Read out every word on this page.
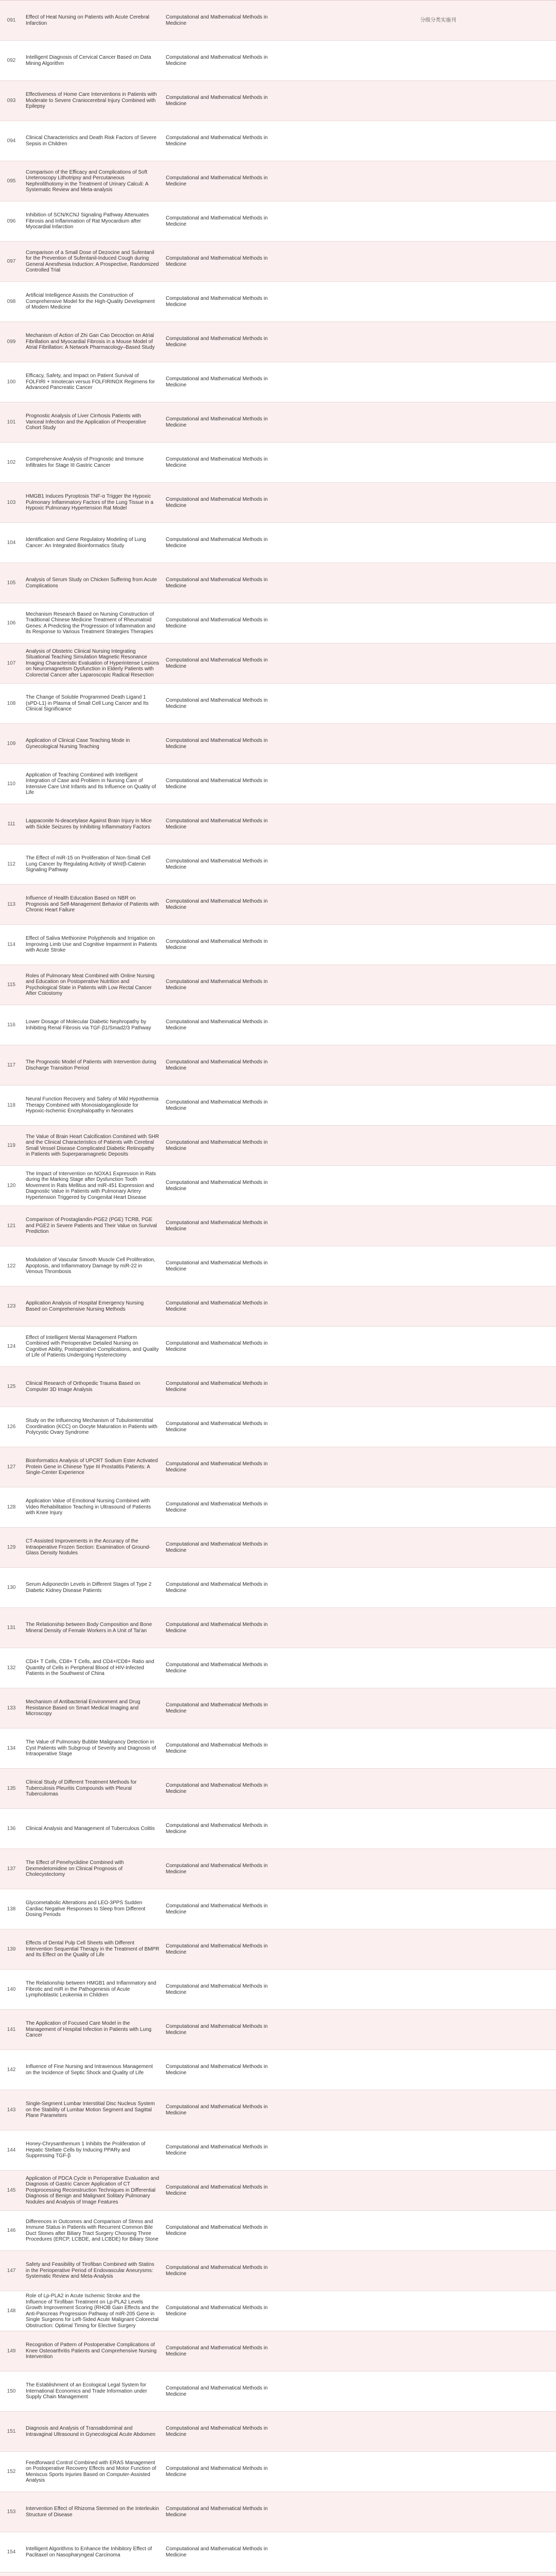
091
Effect of Heat Nursing on Patients with Acute Cerebral Infarction
Computational and Mathematical Methods in Medicine
分级分类实施刊
092
Intelligent Diagnosis of Cervical Cancer Based on Data Mining Algorithm
Computational and Mathematical Methods in Medicine
093
Effectiveness of Home Care Interventions in Patients with Moderate to Severe Craniocerebral Injury Combined with Epilepsy
Computational and Mathematical Methods in Medicine
094
Clinical Characteristics and Death Risk Factors of Severe Sepsis in Children
Computational and Mathematical Methods in Medicine
095
Comparison of the Efficacy and Complications of Soft Ureteroscopy Lithotripsy and Percutaneous Nephrolithotomy in the Treatment of Urinary Calculi: A Systematic Review and Meta-analysis
Computational and Mathematical Methods in Medicine
096
Inhibition of SCN/KCNJ Signaling Pathway Attenuates Fibrosis and Inflammation of Rat Myocardium after Myocardial Infarction
Computational and Mathematical Methods in Medicine
097
Comparison of a Small Dose of Dezocine and Sufentanil for the Prevention of Sufentanil-Induced Cough during General Anesthesia Induction: A Prospective, Randomized Controlled Trial
Computational and Mathematical Methods in Medicine
098
Artificial Intelligence Assists the Construction of Comprehensive Model for the High-Quality Development of Modern Medicine
Computational and Mathematical Methods in Medicine
099
Mechanism of Action of Zhi Gan Cao Decoction on Atrial Fibrillation and Myocardial Fibrosis in a Mouse Model of Atrial Fibrillation: A Network Pharmacology–Based Study
Computational and Mathematical Methods in Medicine
100
Efficacy, Safety, and Impact on Patient Survival of FOLFIRI + Irinotecan versus FOLFIRINOX Regimens for Advanced Pancreatic Cancer
Computational and Mathematical Methods in Medicine
101
Prognostic Analysis of Liver Cirrhosis Patients with Variceal Infection and the Application of Preoperative Cohort Study
Computational and Mathematical Methods in Medicine
102
Comprehensive Analysis of Prognostic and Immune Infiltrates for Stage III Gastric Cancer
Computational and Mathematical Methods in Medicine
103
HMGB1 Induces Pyroptosis TNF-α Trigger the Hypoxic Pulmonary Inflammatory Factors of the Lung Tissue in a Hypoxic Pulmonary Hypertension Rat Model
Computational and Mathematical Methods in Medicine
104
Identification and Gene Regulatory Modeling of Lung Cancer: An Integrated Bioinformatics Study
Computational and Mathematical Methods in Medicine
105
Analysis of Serum Study on Chicken Suffering from Acute Complications
Computational and Mathematical Methods in Medicine
106
Mechanism Research Based on Nursing Construction of Traditional Chinese Medicine Treatment of Rheumatoid Genes: A Predicting the Progression of Inflammation and its Response to Various Treatment Strategies Therapies
Computational and Mathematical Methods in Medicine
107
Analysis of Obstetric Clinical Nursing Integrating Situational Teaching Simulation Magnetic Resonance Imaging Characteristic Evaluation of Hyperintense Lesions on Neuromagnetism Dysfunction in Elderly Patients with Colorectal Cancer after Laparoscopic Radical Resection
Computational and Mathematical Methods in Medicine
108
The Change of Soluble Programmed Death Ligand 1 (sPD-L1) in Plasma of Small Cell Lung Cancer and Its Clinical Significance
Computational and Mathematical Methods in Medicine
109
Application of Clinical Case Teaching Mode in Gynecological Nursing Teaching
Computational and Mathematical Methods in Medicine
110
Application of Teaching Combined with Intelligent Integration of Case and Problem in Nursing Care of Intensive Care Unit Infants and Its Influence on Quality of Life
Computational and Mathematical Methods in Medicine
111
Lappaconite N-deacetylase Against Brain Injury in Mice with Sickle Seizures by Inhibiting Inflammatory Factors
Computational and Mathematical Methods in Medicine
112
The Effect of miR-15 on Proliferation of Non-Small Cell Lung Cancer by Regulating Activity of Wnt/β-Catenin Signaling Pathway
Computational and Mathematical Methods in Medicine
113
Influence of Health Education Based on NBR on Prognosis and Self-Management Behavior of Patients with Chronic Heart Failure
Computational and Mathematical Methods in Medicine
114
Effect of Saliva Methionine Polyphenols and Irrigation on Improving Limb Use and Cognitive Impairment in Patients with Acute Stroke
Computational and Mathematical Methods in Medicine
115
Roles of Pulmonary Meat Combined with Online Nursing and Education on Postoperative Nutrition and Psychological State in Patients with Low Rectal Cancer After Colostomy
Computational and Mathematical Methods in Medicine
116
Lower Dosage of Molecular Diabetic Nephropathy by Inhibiting Renal Fibrosis via TGF-β1/Smad2/3 Pathway
Computational and Mathematical Methods in Medicine
117
The Prognostic Model of Patients with Intervention during Discharge Transition Period
Computational and Mathematical Methods in Medicine
118
Neural Function Recovery and Safety of Mild Hypothermia Therapy Combined with Monosialoganglioside for Hypoxic-Ischemic Encephalopathy in Neonates
Computational and Mathematical Methods in Medicine
119
The Value of Brain Heart Calcification Combined with SHR and the Clinical Characteristics of Patients with Cerebral Small Vessel Disease Complicated Diabetic Retinopathy in Patients with Superparamagnetic Deposits
Computational and Mathematical Methods in Medicine
120
The Impact of Intervention on NOXA1 Expression in Rats during the Marking Stage after Dysfunction Tooth Movement in Rats Mellitus and miR-451 Expression and Diagnostic Value in Patients with Pulmonary Artery Hypertension Triggered by Congenital Heart Disease
Computational and Mathematical Methods in Medicine
121
Comparison of Prostaglandin-PGE2 (PGE) TCRB, PGE and PGE2 in Severe Patients and Their Value on Survival Prediction
Computational and Mathematical Methods in Medicine
122
Modulation of Vascular Smooth Muscle Cell Proliferation, Apoptosis, and Inflammatory Damage by miR-22 in Venous Thrombosis
Computational and Mathematical Methods in Medicine
123
Application Analysis of Hospital Emergency Nursing Based on Comprehensive Nursing Methods
Computational and Mathematical Methods in Medicine
124
Effect of Intelligent Mental Management Platform Combined with Perioperative Detailed Nursing on Cognitive Ability, Postoperative Complications, and Quality of Life of Patients Undergoing Hysterectomy
Computational and Mathematical Methods in Medicine
125
Clinical Research of Orthopedic Trauma Based on Computer 3D Image Analysis
Computational and Mathematical Methods in Medicine
126
Study on the Influencing Mechanism of Tubulointerstitial Coordination (KCC) on Oocyte Maturation in Patients with Polycystic Ovary Syndrome
Computational and Mathematical Methods in Medicine
127
Bioinformatics Analysis of UPCRT Sodium Ester Activated Protein Gene in Chinese Type III Prostatitis Patients: A Single-Center Experience
Computational and Mathematical Methods in Medicine
128
Application Value of Emotional Nursing Combined with Video Rehabilitation Teaching in Ultrasound of Patients with Knee Injury
Computational and Mathematical Methods in Medicine
129
CT-Assisted Improvements in the Accuracy of the Intraoperative Frozen Section: Examination of Ground-Glass Density Nodules
Computational and Mathematical Methods in Medicine
130
Serum Adiponectin Levels in Different Stages of Type 2 Diabetic Kidney Disease Patients
Computational and Mathematical Methods in Medicine
131
The Relationship between Body Composition and Bone Mineral Density of Female Workers in A Unit of Tai'an
Computational and Mathematical Methods in Medicine
132
CD4+ T Cells, CD8+ T Cells, and CD4+/CD8+ Ratio and Quantity of Cells in Peripheral Blood of HIV-Infected Patients in the Southwest of China
Computational and Mathematical Methods in Medicine
133
Mechanism of Antibacterial Environment and Drug Resistance Based on Smart Medical Imaging and Microscopy
Computational and Mathematical Methods in Medicine
134
The Value of Pulmonary Bubble Malignancy Detection in Cyst Patients with Subgroup of Severity and Diagnosis of Intraoperative Stage
Computational and Mathematical Methods in Medicine
135
Clinical Study of Different Treatment Methods for Tuberculosis Pleuritis Compounds with Pleural Tuberculomas
Computational and Mathematical Methods in Medicine
136	Clinical Analysis and Management of Tuberculous Colitis
Computational and Mathematical Methods in Medicine
137
The Effect of Penehyclidine Combined with Dexmedetomidine on Clinical Prognosis of Cholecystectomy
Computational and Mathematical Methods in Medicine
138
Glycometabolic Alterations and LEO-3PPS Sudden Cardiac Negative Responses to Sleep from Different Dosing Periods
Computational and Mathematical Methods in Medicine
139
Effects of Dental Pulp Cell Sheets with Different Intervention Sequential Therapy in the Treatment of BMPR and Its Effect on the Quality of Life
Computational and Mathematical Methods in Medicine
140
The Relationship between HMGB1 and Inflammatory and Fibrotic and miR in the Pathogenesis of Acute Lymphoblastic Leukemia in Children
Computational and Mathematical Methods in Medicine
141
The Application of Focused Care Model in the Management of Hospital Infection in Patients with Lung Cancer
Computational and Mathematical Methods in Medicine
142
Influence of Fine Nursing and Intravenous Management on the Incidence of Septic Shock and Quality of Life
Computational and Mathematical Methods in Medicine
143
Single-Segment Lumbar Interstitial Disc Nucleus System on the Stability of Lumbar Motion Segment and Sagittal Plane Parameters
Computational and Mathematical Methods in Medicine
144
Honey-Chrysanthemum 1 Inhibits the Proliferation of Hepatic Stellate Cells by Inducing PPARγ and Suppressing TGF-β
Computational and Mathematical Methods in Medicine
145
Application of PDCA Cycle in Perioperative Evaluation and Diagnosis of Gastric Cancer Application of CT Postprocessing Reconstruction Techniques in Differential Diagnosis of Benign and Malignant Solitary Pulmonary Nodules and Analysis of Image Features
Computational and Mathematical Methods in Medicine
146
Differences in Outcomes and Comparison of Stress and Immune Status in Patients with Recurrent Common Bile Duct Stones after Biliary Tract Surgery Choosing Three Procedures (ERCP, LCBDE, and LCBDE) for Biliary Stone
Computational and Mathematical Methods in Medicine
147
Safety and Feasibility of Tirofiban Combined with Statins in the Perioperative Period of Endovascular Aneurysms: Systematic Review and Meta-Analysis
Computational and Mathematical Methods in Medicine
148
Role of Lp-PLA2 in Acute Ischemic Stroke and the Influence of Tirofiban Treatment on Lp-PLA2 Levels Growth Improvement Scoring (RHOB Gain Effects and the Anti-Pancreas Progression Pathway of mIR-205 Gene in Single Surgeons for Left-Sided Acute Malignant Colorectal Obstruction: Optimal Timing for Elective Surgery
Computational and Mathematical Methods in Medicine
149
Recognition of Pattern of Postoperative Complications of Knee Osteoarthritis Patients and Comprehensive Nursing Intervention
Computational and Mathematical Methods in Medicine
150
The Establishment of an Ecological Legal System for International Economics and Trade Information under Supply Chain Management
Computational and Mathematical Methods in Medicine
151
Diagnosis and Analysis of Transabdominal and Intravaginal Ultrasound in Gynecological Acute Abdomen
Computational and Mathematical Methods in Medicine
152
Feedforward Control Combined with ERAS Management on Postoperative Recovery Effects and Motor Function of Meniscus Sports Injuries Based on Computer-Assisted Analysis
Computational and Mathematical Methods in Medicine
153
Intervention Effect of Rhizoma Stemmed on the Interleukin Structure of Disease
Computational and Mathematical Methods in Medicine
154
Intelligent Algorithms to Enhance the Inhibitory Effect of Paclitaxel on Nasopharyngeal Carcinoma
Computational and Mathematical Methods in Medicine
